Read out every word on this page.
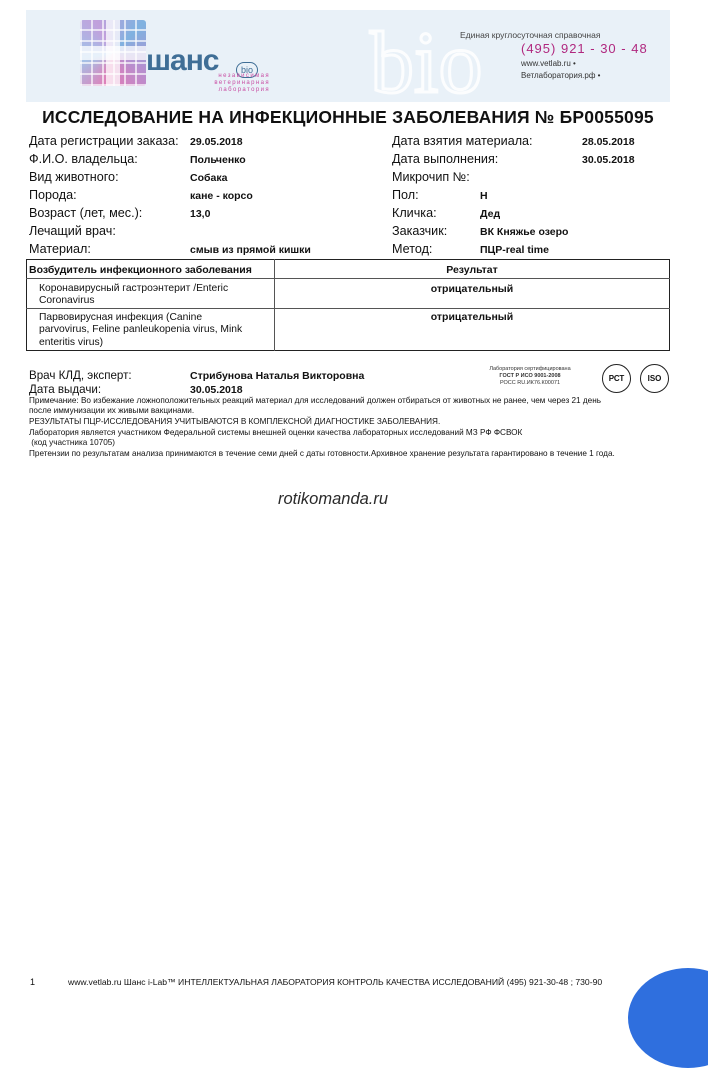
bio
шанс	bio
независимая ветеринарная лаборатория
Единая круглосуточная справочная
(495) 921 - 30 - 48
www.vetlab.ru •
Ветлаборатория.рф •
ИССЛЕДОВАНИЕ НА ИНФЕКЦИОННЫЕ ЗАБОЛЕВАНИЯ № БР0055095
Дата регистрации заказа: 29.05.2018
Ф.И.О. владельца:	Польченко
Вид животного:	Собака
Порода:	кане - корсо
Возраст (лет, мес.):	13,0
Лечащий врач:
Материал:	смыв из прямой кишки
Дата взятия материала:	28.05.2018
Дата выполнения:	30.05.2018
Микрочип №:
Пол:	Н
Кличка:	Дед
Заказчик:	ВК Княжье озеро
Метод:	ПЦР-real time
Возбудитель инфекционного заболевания	Результат
Коронавирусный гастроэнтерит /Enteric
Coronavirus
отрицательный
Парвовирусная инфекция (Canine
parvovirus, Feline panleukopenia virus, Mink
enteritis virus)
отрицательный
Врач КЛД, эксперт:	Стрибунова Наталья Викторовна
Дата выдачи:	30.05.2018
Лаборатория сертифицирована
ГОСТ Р ИСО 9001-2008
РОСС RU.ИК76.К00071	РСТ	ISO
Примечание: Во избежание ложноположительных реакций материал для исследований должен отбираться от животных не ранее, чем через 21 день
после иммунизации их живыми вакцинами.
РЕЗУЛЬТАТЫ ПЦР-ИССЛЕДОВАНИЯ УЧИТЫВАЮТСЯ В КОМПЛЕКСНОЙ ДИАГНОСТИКЕ ЗАБОЛЕВАНИЯ.
Лаборатория является участником Федеральной системы внешней оценки качества лабораторных исследований МЗ РФ ФСВОК
(код участника 10705)
Претензии по результатам анализа принимаются в течение семи дней с даты готовности.Архивное хранение результата гарантировано в течение 1 года.
rotikomanda.ru
1	www.vetlab.ru Шанс i-Lab™ ИНТЕЛЛЕКТУАЛЬНАЯ ЛАБОРАТОРИЯ КОНТРОЛЬ КАЧЕСТВА ИССЛЕДОВАНИЙ (495) 921-30-48 ; 730-90
